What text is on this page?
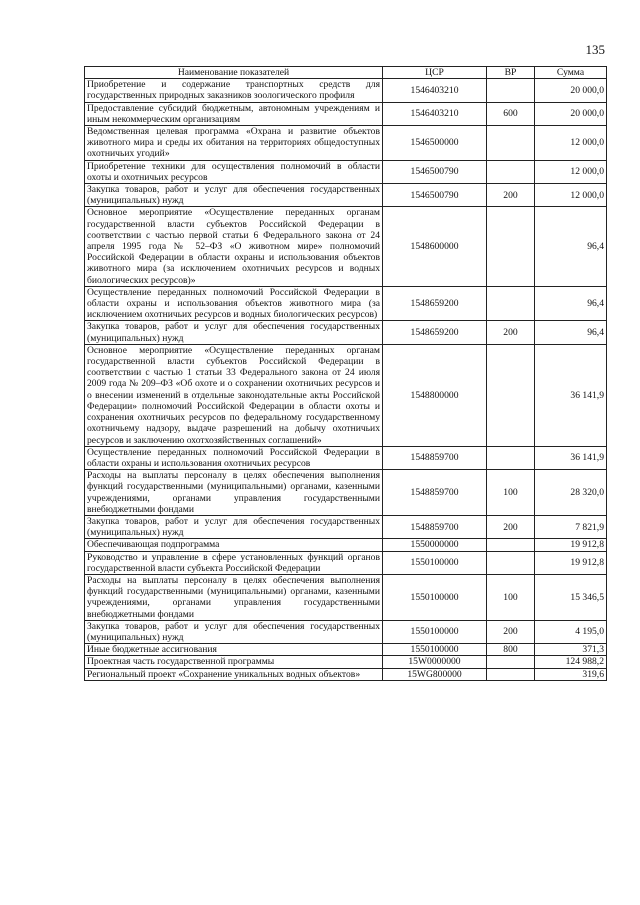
135
Наименование показателей	ЦСР	ВР	Сумма
Приобретение и содержание транспортных средств для государственных природных заказников зоологического профиля	1546403210		20 000,0
Предоставление субсидий бюджетным, автономным учреждениям и иным некоммерческим организациям	1546403210	600	20 000,0
Ведомственная целевая программа «Охрана и развитие объектов животного мира и среды их обитания на территориях общедоступных охотничьих угодий»	1546500000		12 000,0
Приобретение техники для осуществления полномочий в области охоты и охотничьих ресурсов	1546500790		12 000,0
Закупка товаров, работ и услуг для обеспечения государственных (муниципальных) нужд	1546500790	200	12 000,0
Основное мероприятие «Осуществление переданных органам государственной власти субъектов Российской Федерации в соответствии с частью первой статьи 6 Федерального закона от 24 апреля 1995 года № 52–ФЗ «О животном мире» полномочий Российской Федерации в области охраны и использования объектов животного мира (за исключением охотничьих ресурсов и водных биологических ресурсов)»	1548600000		96,4
Осуществление переданных полномочий Российской Федерации в области охраны и использования объектов животного мира (за исключением охотничьих ресурсов и водных биологических ресурсов)	1548659200		96,4
Закупка товаров, работ и услуг для обеспечения государственных (муниципальных) нужд	1548659200	200	96,4
Основное мероприятие «Осуществление переданных органам государственной власти субъектов Российской Федерации в соответствии с частью 1 статьи 33 Федерального закона от 24 июля 2009 года № 209–ФЗ «Об охоте и о сохранении охотничьих ресурсов и о внесении изменений в отдельные законодательные акты Российской Федерации» полномочий Российской Федерации в области охоты и сохранения охотничьих ресурсов по федеральному государственному охотничьему надзору, выдаче разрешений на добычу охотничьих ресурсов и заключению охотхозяйственных соглашений»	1548800000		36 141,9
Осуществление переданных полномочий Российской Федерации в области охраны и использования охотничьих ресурсов	1548859700		36 141,9
Расходы на выплаты персоналу в целях обеспечения выполнения функций государственными (муниципальными) органами, казенными учреждениями, органами управления государственными внебюджетными фондами	1548859700	100	28 320,0
Закупка товаров, работ и услуг для обеспечения государственных (муниципальных) нужд	1548859700	200	7 821,9
Обеспечивающая подпрограмма	1550000000		19 912,8
Руководство и управление в сфере установленных функций органов государственной власти субъекта Российской Федерации	1550100000		19 912,8
Расходы на выплаты персоналу в целях обеспечения выполнения функций государственными (муниципальными) органами, казенными учреждениями, органами управления государственными внебюджетными фондами	1550100000	100	15 346,5
Закупка товаров, работ и услуг для обеспечения государственных (муниципальных) нужд	1550100000	200	4 195,0
Иные бюджетные ассигнования	1550100000	800	371,3
Проектная часть государственной программы	15W0000000		124 988,2
Региональный проект «Сохранение уникальных водных объектов»	15WG800000		319,6
